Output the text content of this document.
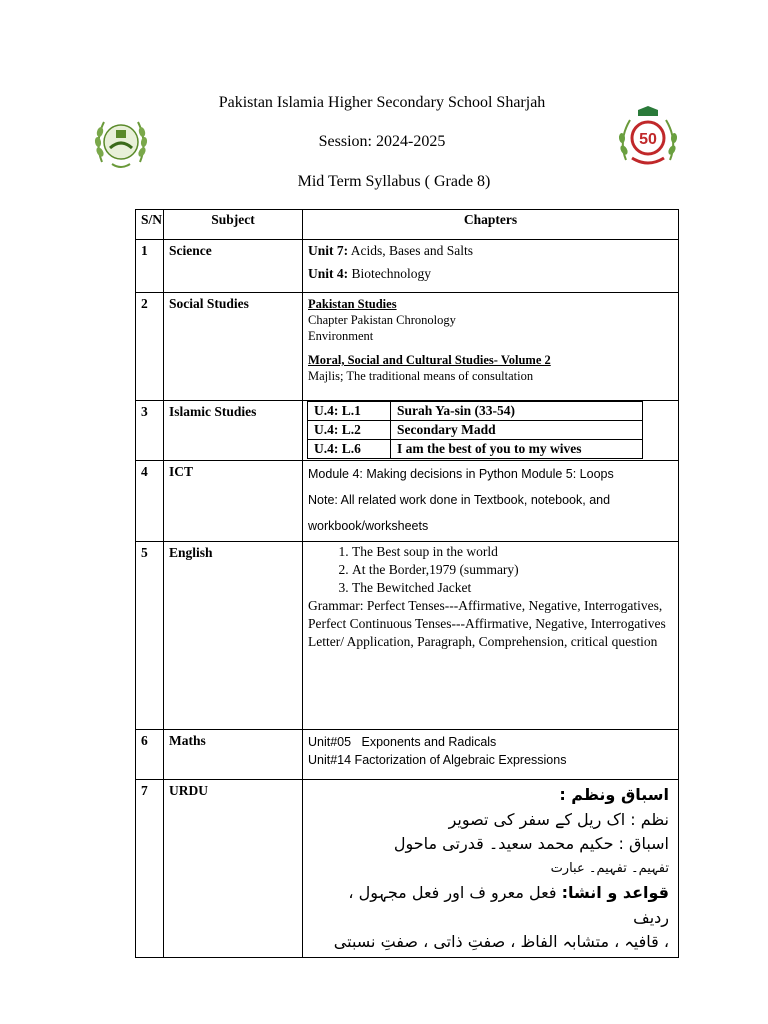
50
Pakistan Islamia Higher Secondary School Sharjah
Session: 2024-2025
Mid Term Syllabus ( Grade 8)
S/N	Subject	Chapters
1	Science	Unit 7: Acids, Bases and Salts
Unit 4: Biotechnology

2	Social Studies	Pakistan Studies
Chapter Pakistan Chronology
Environment
Moral, Social and Cultural Studies- Volume 2
Majlis; The traditional means of consultation

3	Islamic Studies		U.4: L.1	Surah Ya-sin (33-54)
U.4: L.2	Secondary Madd
U.4: L.6	I am the best of you to my wives

4	ICT	Module 4: Making decisions in Python Module 5: Loops
Note: All related work done in Textbook, notebook, and
workbook/worksheets

5	English	
1.The Best soup in the world
2. At the Border,1979 (summary)
3. The Bewitched Jacket
Grammar: Perfect Tenses---Affirmative, Negative, Interrogatives,
Perfect Continuous Tenses---Affirmative, Negative, Interrogatives
Letter/ Application, Paragraph, Comprehension, critical question

6	Maths	Unit#05   Exponents and Radicals
Unit#14 Factorization of Algebraic Expressions

7	URDU	اسباق ونظم :
نظم : اک ریل کے سفر کی تصویر
اسباق : حکیم محمد سعید۔ قدرتی ماحول
تفہیم۔ تفہیم۔ عبارت
قواعد و انشا: فعل معرو ف اور فعل مجہول ، ردیف
، قافیہ ، متشابہ الفاظ ، صفتِ ذاتی ، صفتِ نسبتی
